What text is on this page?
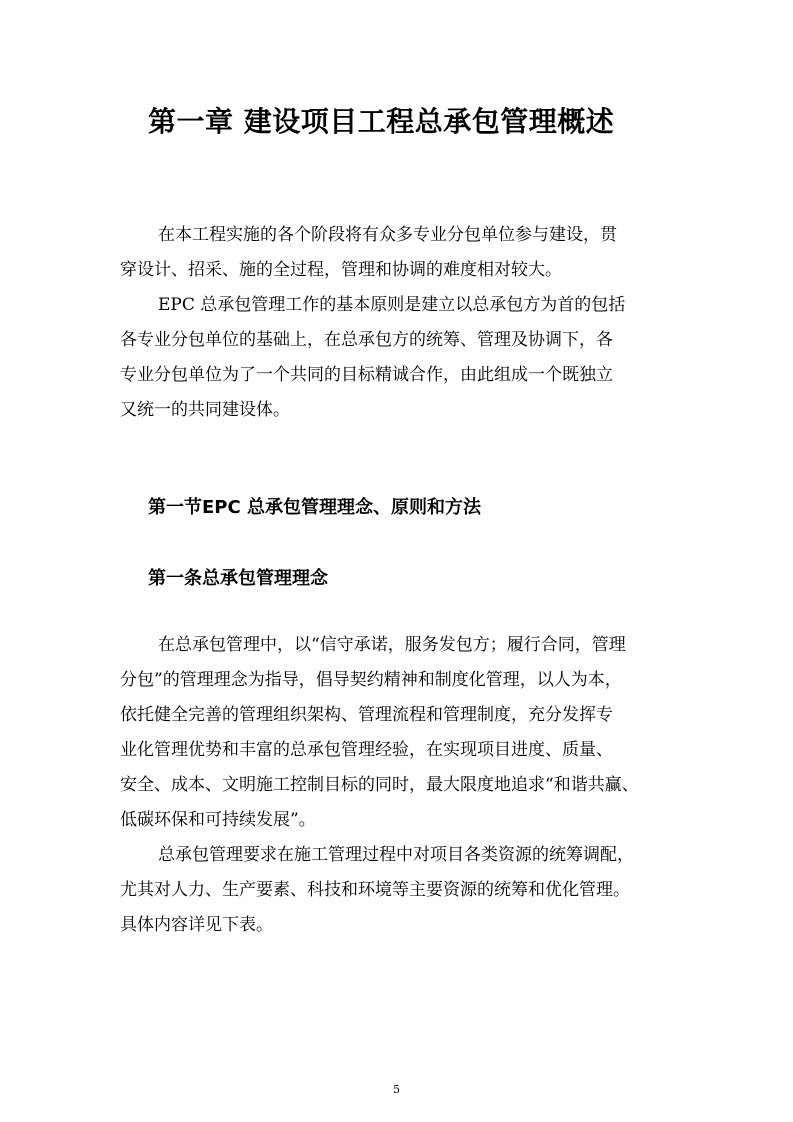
第一章 建设项目工程总承包管理概述

在本工程实施的各个阶段将有众多专业分包单位参与建设，贯
穿设计、招采、施的全过程，管理和协调的难度相对较大。

EPC 总承包管理工作的基本原则是建立以总承包方为首的包括
各专业分包单位的基础上，在总承包方的统筹、管理及协调下，各
专业分包单位为了一个共同的目标精诚合作，由此组成一个既独立
又统一的共同建设体。

第一节EPC 总承包管理理念、原则和方法
第一条总承包管理理念

在总承包管理中，以“信守承诺，服务发包方；履行合同，管理
分包”的管理理念为指导，倡导契约精神和制度化管理，以人为本，
依托健全完善的管理组织架构、管理流程和管理制度，充分发挥专
业化管理优势和丰富的总承包管理经验，在实现项目进度、质量、
安全、成本、文明施工控制目标的同时，最大限度地追求“和谐共赢、
低碳环保和可持续发展”。

总承包管理要求在施工管理过程中对项目各类资源的统筹调配，
尤其对人力、生产要素、科技和环境等主要资源的统筹和优化管理。
具体内容详见下表。

5
